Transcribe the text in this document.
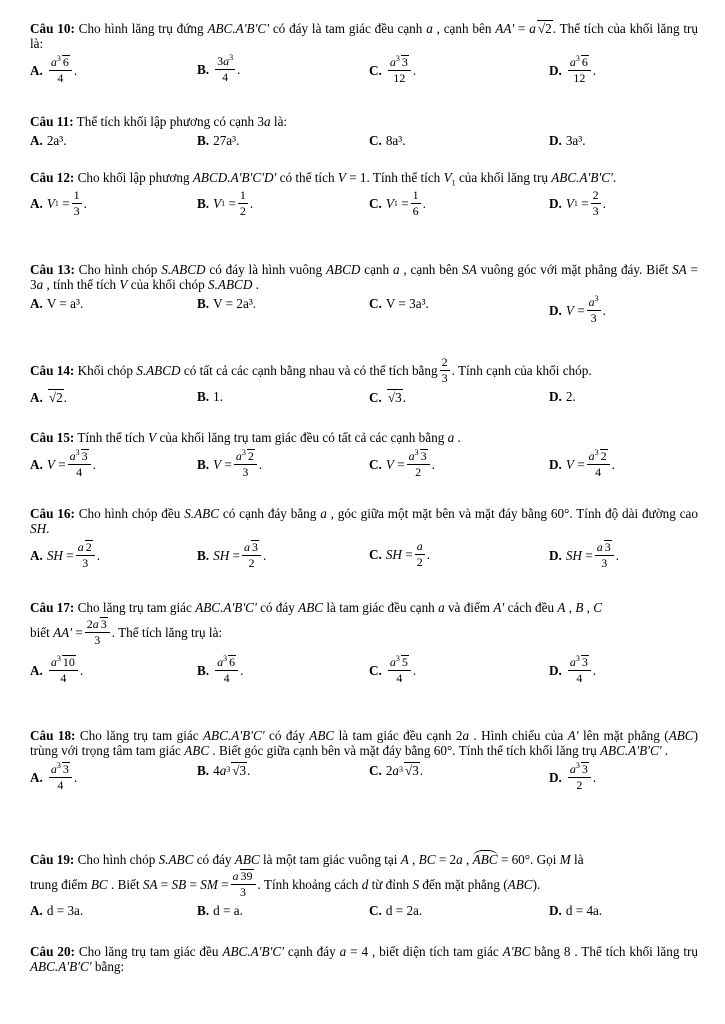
Câu 10: Cho hình lăng trụ đứng ABC.A'B'C' có đáy là tam giác đều cạnh a , cạnh bên AA' = a √ 2. Thể tích của khối lăng trụ là:
A. $\frac{a^3 6}{4}$ .	B. $\frac{3a^3}{4}$ .	C. $\frac{a^3 3}{12}$ .	D. $\frac{a^3 6}{12}$ .
Câu 11: Thể tích khối lập phương có cạnh 3a là:
A. 2a³.	B. 27a³.	C. 8a³.	D. 3a³.
Câu 12: Cho khối lập phương ABCD.A'B'C'D' có thể tích V = 1. Tính thể tích $V_1$ của khối lăng trụ ABC.A'B'C'.
A. V $1 = \frac{1}{3}$ .	B. V $1 = \frac{1}{2}$ .	C. V $1 = \frac{1}{6}$ .	D. V $1 = \frac{2}{3}$ .
Câu 13: Cho hình chóp S.ABCD có đáy là hình vuông ABCD cạnh a , cạnh bên SA vuông góc với mặt phẳng đáy. Biết SA = 3a , tính thể tích V của khối chóp S.ABCD .
A. V = a³.	B. V = 2a³.	C. V = 3a³.	D. $V = \frac{a^3}{3}$ .
Câu 14: Khối chóp S.ABCD có tất cả các cạnh bằng nhau và có thể tích bằng $\frac{2}{3}$ . Tính cạnh của khối chóp.
A. √	2 .	B. 1.	C. √	3 .	D. 2.
Câu 15: Tính thể tích V của khối lăng trụ tam giác đều có tất cả các cạnh bằng a .
A. $V = \frac{a^3 3}{4}$ .	B. $V = \frac{a^3 2}{3}$ .	C. $V = \frac{a^3 3}{2}$ .	D. $V = \frac{a^3 2}{4}$ .
Câu 16: Cho hình chóp đều S.ABC có cạnh đáy bằng a , góc giữa một mặt bên và mặt đáy bằng 60°. Tính độ dài đường cao SH.
A. SH = $\frac{a 2}{3}$ .	B. SH = $\frac{a 3}{2}$ .	C. SH = $\frac{a}{2}$ .	D. SH = $\frac{a 3}{3}$ .
Câu 17: Cho lăng trụ tam giác ABC.A'B'C' có đáy ABC là tam giác đều cạnh a và điểm A' cách đều A , B , C
biết $AA' = \frac{2a 3}{3}$ . Thể tích lăng trụ là:
A. $\frac{a^3 10}{4}$ .	B. $\frac{a^3 6}{4}$ .	C. $\frac{a^3 5}{4}$ .	D. $\frac{a^3 3}{4}$ .
Câu 18: Cho lăng trụ tam giác ABC.A'B'C' có đáy ABC là tam giác đều cạnh 2a . Hình chiếu của A' lên mặt phẳng (ABC) trùng với trọng tâm tam giác ABC . Biết góc giữa cạnh bên và mặt đáy bằng 60°. Tính thể tích khối lăng trụ ABC.A'B'C' .
A. $\frac{a^3 3}{4}$ .	B. 4 a 3 √ 3 .	C. 2 a 3 √ 3 .	D. $\frac{a^3 3}{2}$ .
Câu 19: Cho hình chóp S.ABC có đáy ABC là một tam giác vuông tại A , BC = 2a , ABC = 60°. Gọi M là
trung điểm BC . Biết SA = SB = SM = $\frac{a 39}{3}$ . Tính khoảng cách d từ đỉnh S đến mặt phẳng (ABC).
A. d = 3a.	B. d = a.	C. d = 2a.	D. d = 4a.
Câu 20: Cho lăng trụ tam giác đều ABC.A'B'C' cạnh đáy a = 4 , biết diện tích tam giác A'BC bằng 8 . Thể tích khối lăng trụ ABC.A'B'C' bằng:
